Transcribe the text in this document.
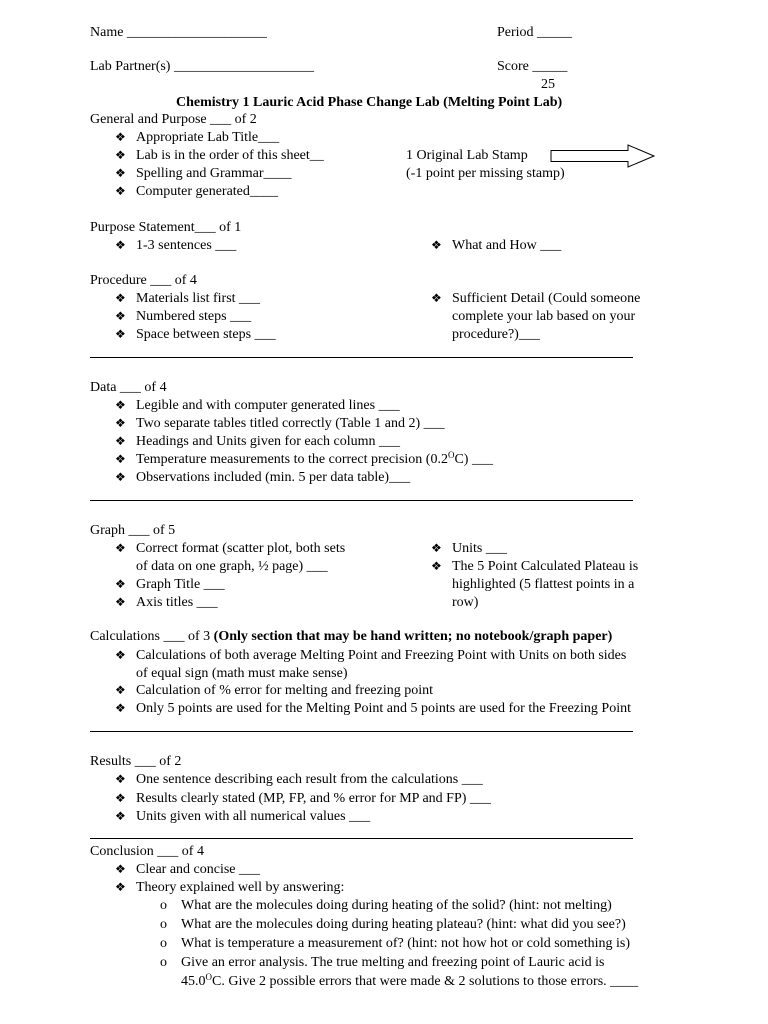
Name ____________________	Period _____
Lab Partner(s) ____________________	Score _____
25
Chemistry 1 Lauric Acid Phase Change Lab (Melting Point Lab)
General and Purpose ___ of 2
❖ Appropriate Lab Title___
❖ Lab is in the order of this sheet__
❖ Spelling and Grammar____
❖ Computer generated____
1 Original Lab Stamp
(-1 point per missing stamp)
Purpose Statement___ of 1
❖ 1-3 sentences ___	❖ What and How ___
Procedure ___ of 4
❖ Materials list first ___
❖ Numbered steps ___
❖ Space between steps ___
❖ Sufficient Detail (Could someone
complete your lab based on your
procedure?)___
Data ___ of 4
❖ Legible and with computer generated lines ___
❖ Two separate tables titled correctly (Table 1 and 2) ___
❖ Headings and Units given for each column ___
❖ Temperature measurements to the correct precision $(0.2^OC)$ ___
❖ Observations included (min. 5 per data table)___
Graph ___ of 5
❖ Correct format (scatter plot, both sets
of data on one graph, ½ page) ___
❖ Graph Title ___
❖ Axis titles ___
❖ Units ___
❖ The 5 Point Calculated Plateau is
highlighted (5 flattest points in a
row)
Calculations ___ of 3 (Only section that may be hand written; no notebook/graph paper)
❖ Calculations of both average Melting Point and Freezing Point with Units on both sides
of equal sign (math must make sense)
❖ Calculation of % error for melting and freezing point
❖ Only 5 points are used for the Melting Point and 5 points are used for the Freezing Point
Results ___ of 2
❖ One sentence describing each result from the calculations ___
❖ Results clearly stated (MP, FP, and % error for MP and FP) ___
❖ Units given with all numerical values ___
Conclusion ___ of 4
❖ Clear and concise ___
❖ Theory explained well by answering:
o What are the molecules doing during heating of the solid? (hint: not melting)
o What are the molecules doing during heating plateau? (hint: what did you see?)
o What is temperature a measurement of? (hint: not how hot or cold something is)
o Give an error analysis. The true melting and freezing point of Lauric acid is
$45.0^OC$. Give 2 possible errors that were made & 2 solutions to those errors. ____
